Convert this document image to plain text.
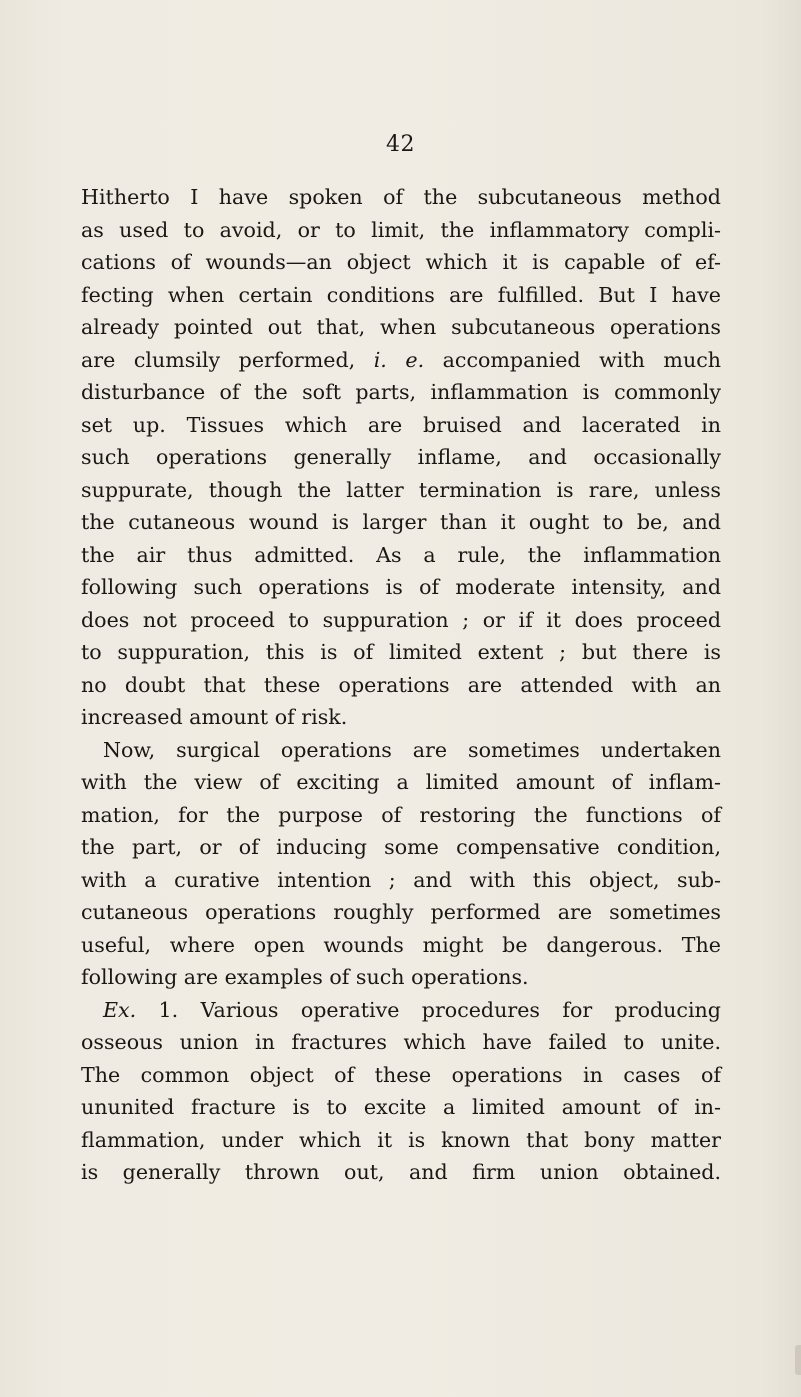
42
Hitherto I have spoken of the subcutaneous method
as used to avoid, or to limit, the inflammatory compli-
cations of wounds—an object which it is capable of ef-
fecting when certain conditions are fulfilled. But I have
already pointed out that, when subcutaneous operations
are clumsily performed, i. e. accompanied with much
disturbance of the soft parts, inflammation is commonly
set up. Tissues which are bruised and lacerated in
such operations generally inflame, and occasionally
suppurate, though the latter termination is rare, unless
the cutaneous wound is larger than it ought to be, and
the air thus admitted. As a rule, the inflammation
following such operations is of moderate intensity, and
does not proceed to suppuration ; or if it does proceed
to suppuration, this is of limited extent ; but there is
no doubt that these operations are attended with an
increased amount of risk.
Now, surgical operations are sometimes undertaken
with the view of exciting a limited amount of inflam-
mation, for the purpose of restoring the functions of
the part, or of inducing some compensative condition,
with a curative intention ; and with this object, sub-
cutaneous operations roughly performed are sometimes
useful, where open wounds might be dangerous. The
following are examples of such operations.
Ex. 1. Various operative procedures for producing
osseous union in fractures which have failed to unite.
The common object of these operations in cases of
ununited fracture is to excite a limited amount of in-
flammation, under which it is known that bony matter
is generally thrown out, and firm union obtained.
